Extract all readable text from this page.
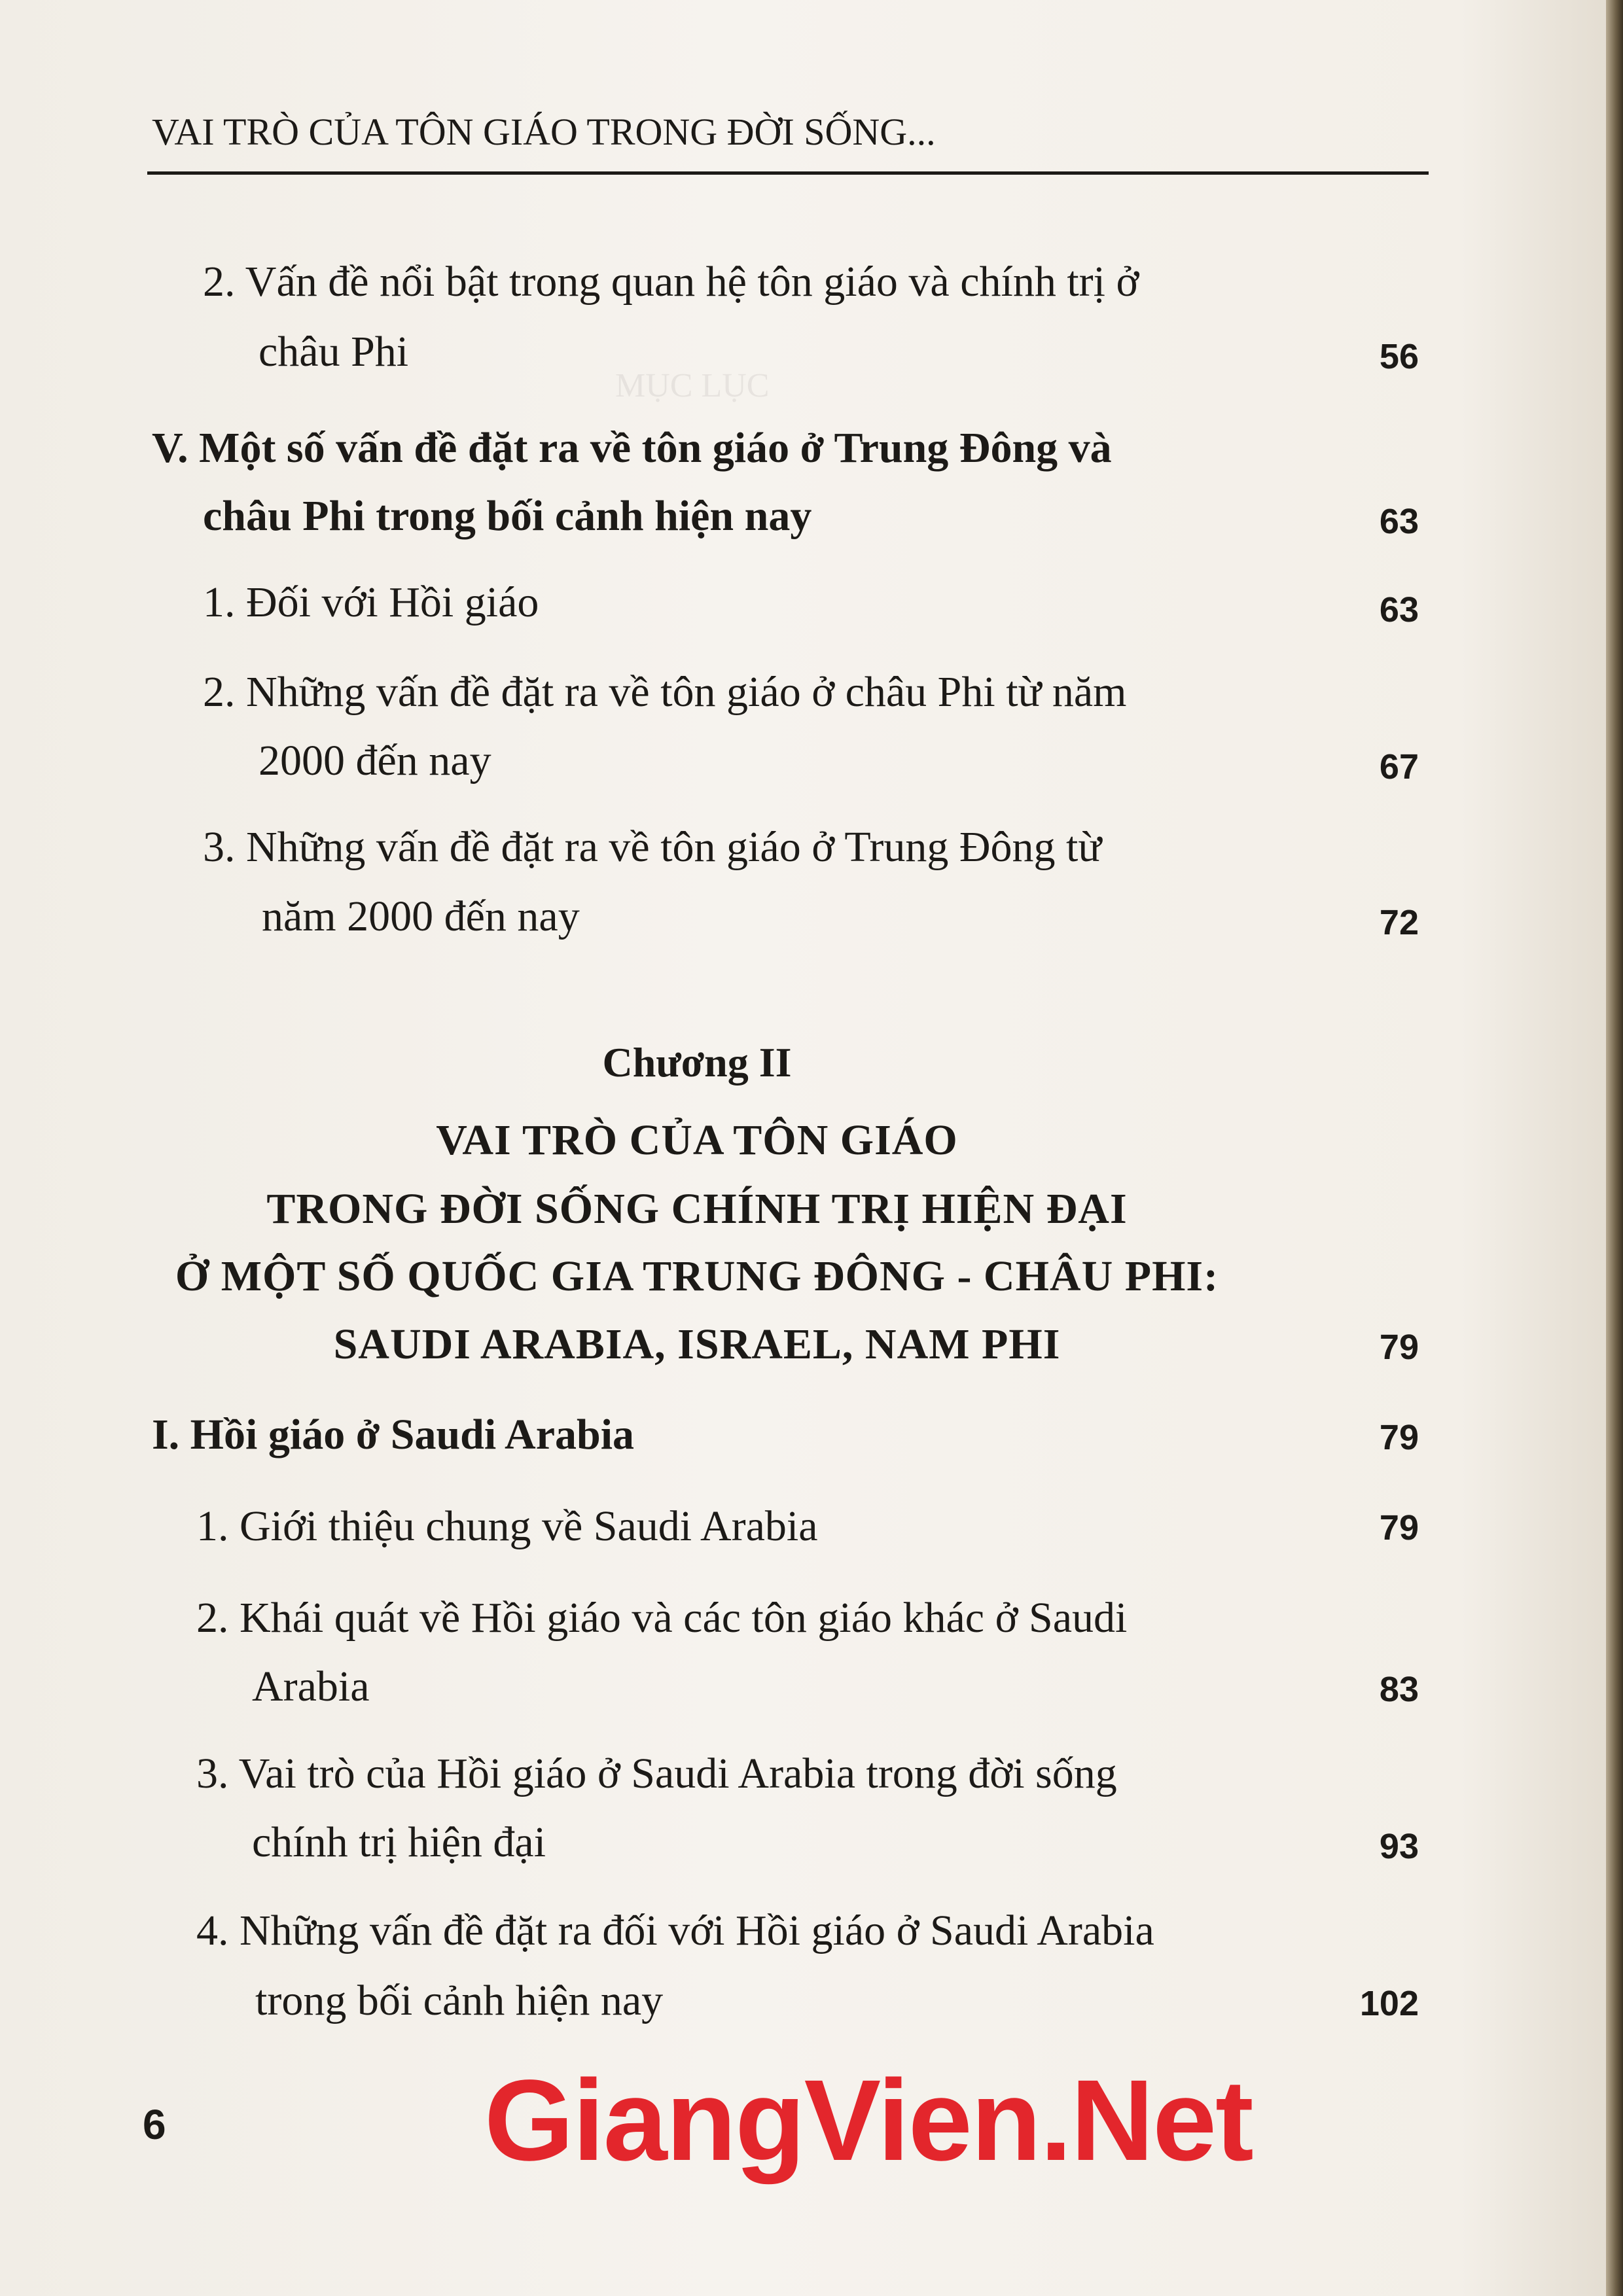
MỤC LỤC
VAI TRÒ CỦA TÔN GIÁO TRONG ĐỜI SỐNG...
2. Vấn đề nổi bật trong quan hệ tôn giáo và chính trị ở
châu Phi	56
V. Một số vấn đề đặt ra về tôn giáo ở Trung Đông và
châu Phi trong bối cảnh hiện nay	63
1. Đối với Hồi giáo	63
2. Những vấn đề đặt ra về tôn giáo ở châu Phi từ năm
2000 đến nay	67
3. Những vấn đề đặt ra về tôn giáo ở Trung Đông từ
năm 2000 đến nay	72
Chương II
VAI TRÒ CỦA TÔN GIÁO
TRONG ĐỜI SỐNG CHÍNH TRỊ HIỆN ĐẠI
Ở MỘT SỐ QUỐC GIA TRUNG ĐÔNG - CHÂU PHI:
SAUDI ARABIA, ISRAEL, NAM PHI	79
I. Hồi giáo ở Saudi Arabia	79
1. Giới thiệu chung về Saudi Arabia	79
2. Khái quát về Hồi giáo và các tôn giáo khác ở Saudi
Arabia	83
3. Vai trò của Hồi giáo ở Saudi Arabia trong đời sống
chính trị hiện đại	93
4. Những vấn đề đặt ra đối với Hồi giáo ở Saudi Arabia
trong bối cảnh hiện nay	102
6	GiangVien.Net
